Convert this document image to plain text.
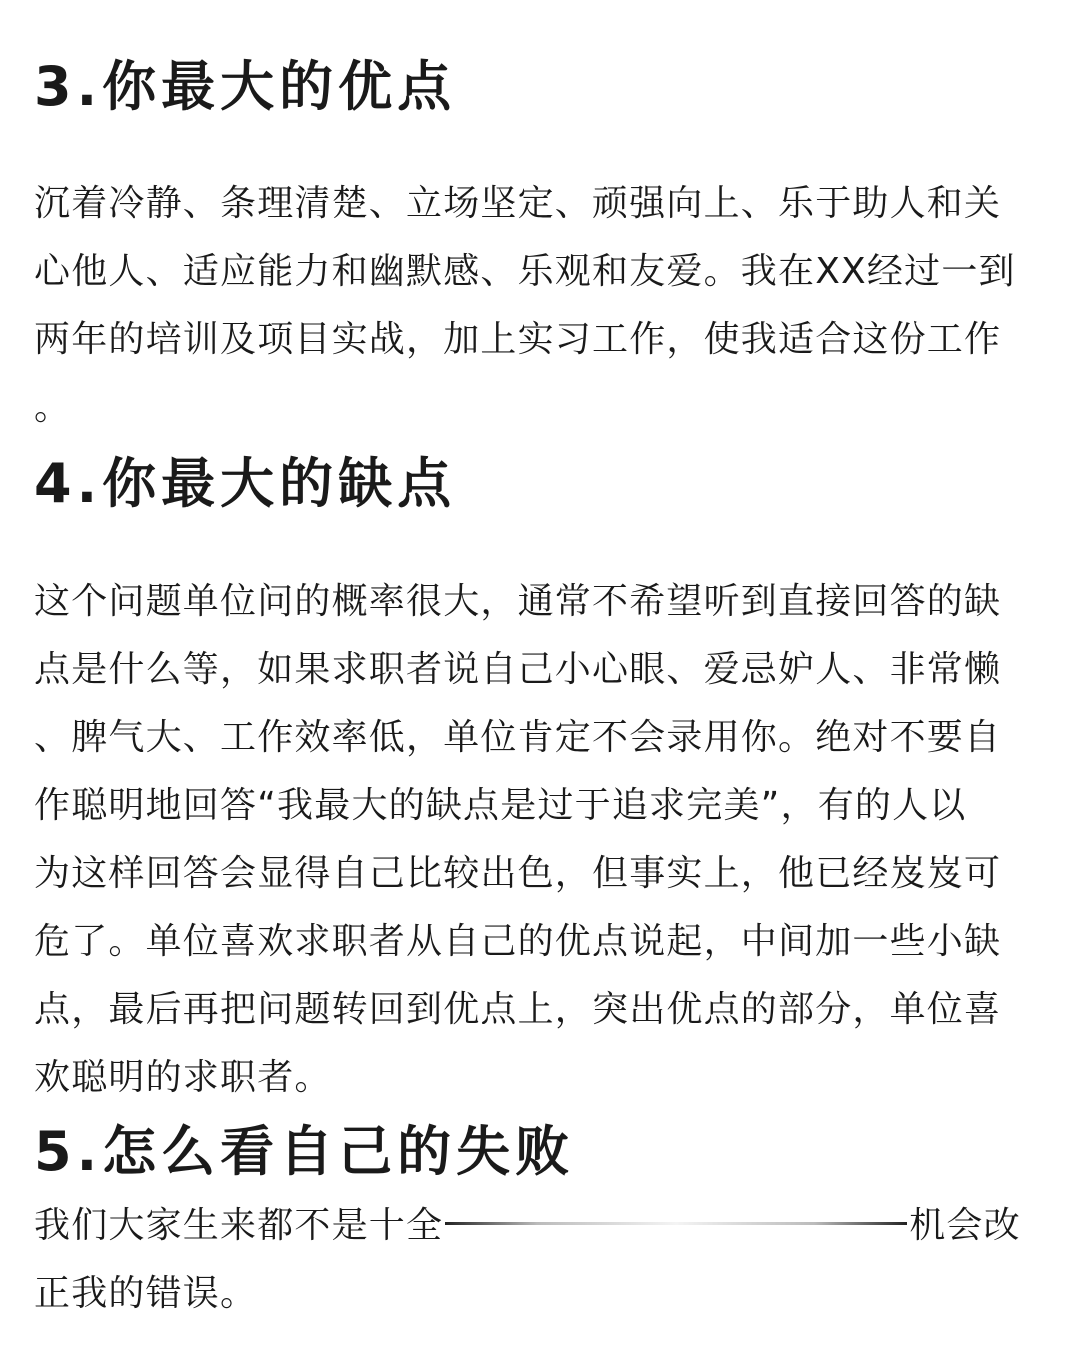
3.你最大的优点
沉着冷静、条理清楚、立场坚定、顽强向上、乐于助人和关
心他人、适应能力和幽默感、乐观和友爱。我在XX经过一到
两年的培训及项目实战，加上实习工作，使我适合这份工作
。
4.你最大的缺点
这个问题单位问的概率很大，通常不希望听到直接回答的缺
点是什么等，如果求职者说自己小心眼、爱忌妒人、非常懒
、脾气大、工作效率低，单位肯定不会录用你。绝对不要自
作聪明地回答“我最大的缺点是过于追求完美”，有的人以
为这样回答会显得自己比较出色，但事实上，他已经岌岌可
危了。单位喜欢求职者从自己的优点说起，中间加一些小缺
点，最后再把问题转回到优点上，突出优点的部分，单位喜
欢聪明的求职者。
5.怎么看自己的失败
我们大家生来都不是十全	机会改
正我的错误。
